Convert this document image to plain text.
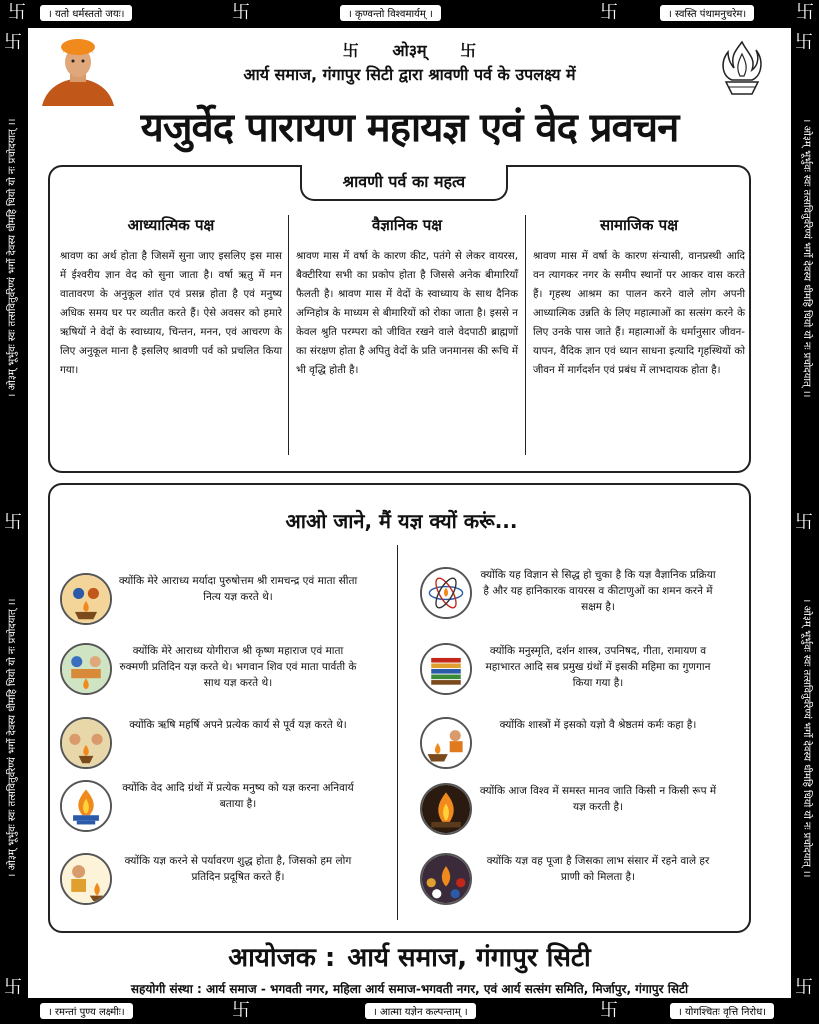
卐	। यतो धर्मस्ततो जयः।	卐	। कृण्वन्तो विश्वमार्यम् ।	卐	। स्वस्ति पंथामनुचरेम।	卐
卐
। ओ३म् भूर्भुवः स्वः तत्सवितुर्वरेण्यं भर्गो देवस्य धीमहि धियो यो नः प्रचोदयात् ।।
卐
। ओ३म् भूर्भुवः स्वः तत्सवितुर्वरेण्यं भर्गो देवस्य धीमहि धियो यो नः प्रचोदयात् ।।
卐
卐
। ओ३म् भूर्भुवः स्वः तत्सवितुर्वरेण्यं भर्गो देवस्य धीमहि धियो यो नः प्रचोदयात् ।।
卐
। ओ३म् भूर्भुवः स्वः तत्सवितुर्वरेण्यं भर्गो देवस्य धीमहि धियो यो नः प्रचोदयात् ।।
卐
卐 ओ३म् 卐
आर्य समाज, गंगापुर सिटी द्वारा श्रावणी पर्व के उपलक्ष्य में
यजुर्वेद पारायण महायज्ञ एवं वेद प्रवचन
श्रावणी पर्व का महत्व
आध्यात्मिक पक्ष

श्रावण का अर्थ होता है जिसमें सुना जाए इसलिए इस मास में ईश्वरीय ज्ञान वेद को सुना जाता है। वर्षा ऋतु में मन वातावरण के अनुकूल शांत एवं प्रसन्न होता है एवं मनुष्य अधिक समय घर पर व्यतीत करते हैं। ऐसे अवसर को हमारे ऋषियों ने वेदों के स्वाध्याय, चिन्तन, मनन, एवं आचरण के लिए अनुकूल माना है इसलिए श्रावणी पर्व को प्रचलित किया गया।

वैज्ञानिक पक्ष

श्रावण मास में वर्षा के कारण कीट, पतंगे से लेकर वायरस, बैक्टीरिया सभी का प्रकोप होता है जिससे अनेक बीमारियाँ फैलती है। श्रावण मास में वेदों के स्वाध्याय के साथ दैनिक अग्निहोत्र के माध्यम से बीमारियों को रोका जाता है। इससे न केवल श्रुति परम्परा को जीवित रखने वाले वेदपाठी ब्राह्मणों का संरक्षण होता है अपितु वेदों के प्रति जनमानस की रूचि में भी वृद्धि होती है।

सामाजिक पक्ष

श्रावण मास में वर्षा के कारण संन्यासी, वानप्रस्थी आदि वन त्यागकर नगर के समीप स्थानों पर आकर वास करते हैं। गृहस्थ आश्रम का पालन करने वाले लोग अपनी आध्यात्मिक उन्नति के लिए महात्माओं का सत्संग करने के लिए उनके पास जाते हैं। महात्माओं के धर्मानुसार जीवन-यापन, वैदिक ज्ञान एवं ध्यान साधना इत्यादि गृहस्थियों को जीवन में मार्गदर्शन एवं प्रबंध में लाभदायक होता है।

आओ जाने, मैं यज्ञ क्यों करूं...
क्योंकि मेरे आराध्य मर्यादा पुरुषोत्तम श्री रामचन्द्र एवं माता सीता नित्य यज्ञ करते थे।
क्योंकि मेरे आराध्य योगीराज श्री कृष्ण महाराज एवं माता रुक्मणी प्रतिदिन यज्ञ करते थे। भगवान शिव एवं माता पार्वती के साथ यज्ञ करते थे।
क्योंकि ऋषि महर्षि अपने प्रत्येक कार्य से पूर्व यज्ञ करते थे।
क्योंकि वेद आदि ग्रंथों में प्रत्येक मनुष्य को यज्ञ करना अनिवार्य बताया है।
क्योंकि यज्ञ करने से पर्यावरण शुद्ध होता है, जिसको हम लोग प्रतिदिन प्रदूषित करते हैं।
क्योंकि यह विज्ञान से सिद्ध हो चुका है कि यज्ञ वैज्ञानिक प्रक्रिया है और यह हानिकारक वायरस व कीटाणुओं का शमन करने में सक्षम है।
क्योंकि मनुस्मृति, दर्शन शास्त्र, उपनिषद, गीता, रामायण व महाभारत आदि सब प्रमुख ग्रंथों में इसकी महिमा का गुणगान किया गया है।
क्योंकि शास्त्रों में इसको यज्ञो वै श्रेष्ठतमं कर्मः कहा है।
क्योंकि आज विश्व में समस्त मानव जाति किसी न किसी रूप में यज्ञ करती है।
क्योंकि यज्ञ वह पूजा है जिसका लाभ संसार में रहने वाले हर प्राणी को मिलता है।
आयोजक : आर्य समाज, गंगापुर सिटी
सहयोगी संस्था : आर्य समाज - भगवती नगर, महिला आर्य समाज-भगवती नगर, एवं आर्य सत्संग समिति, मिर्जापुर, गंगापुर सिटी
। रमन्तां पुण्य लक्ष्मीः।	卐	। आत्मा यज्ञेन कल्पन्ताम् ।	卐	। योगश्चितः वृत्ति निरोध।
